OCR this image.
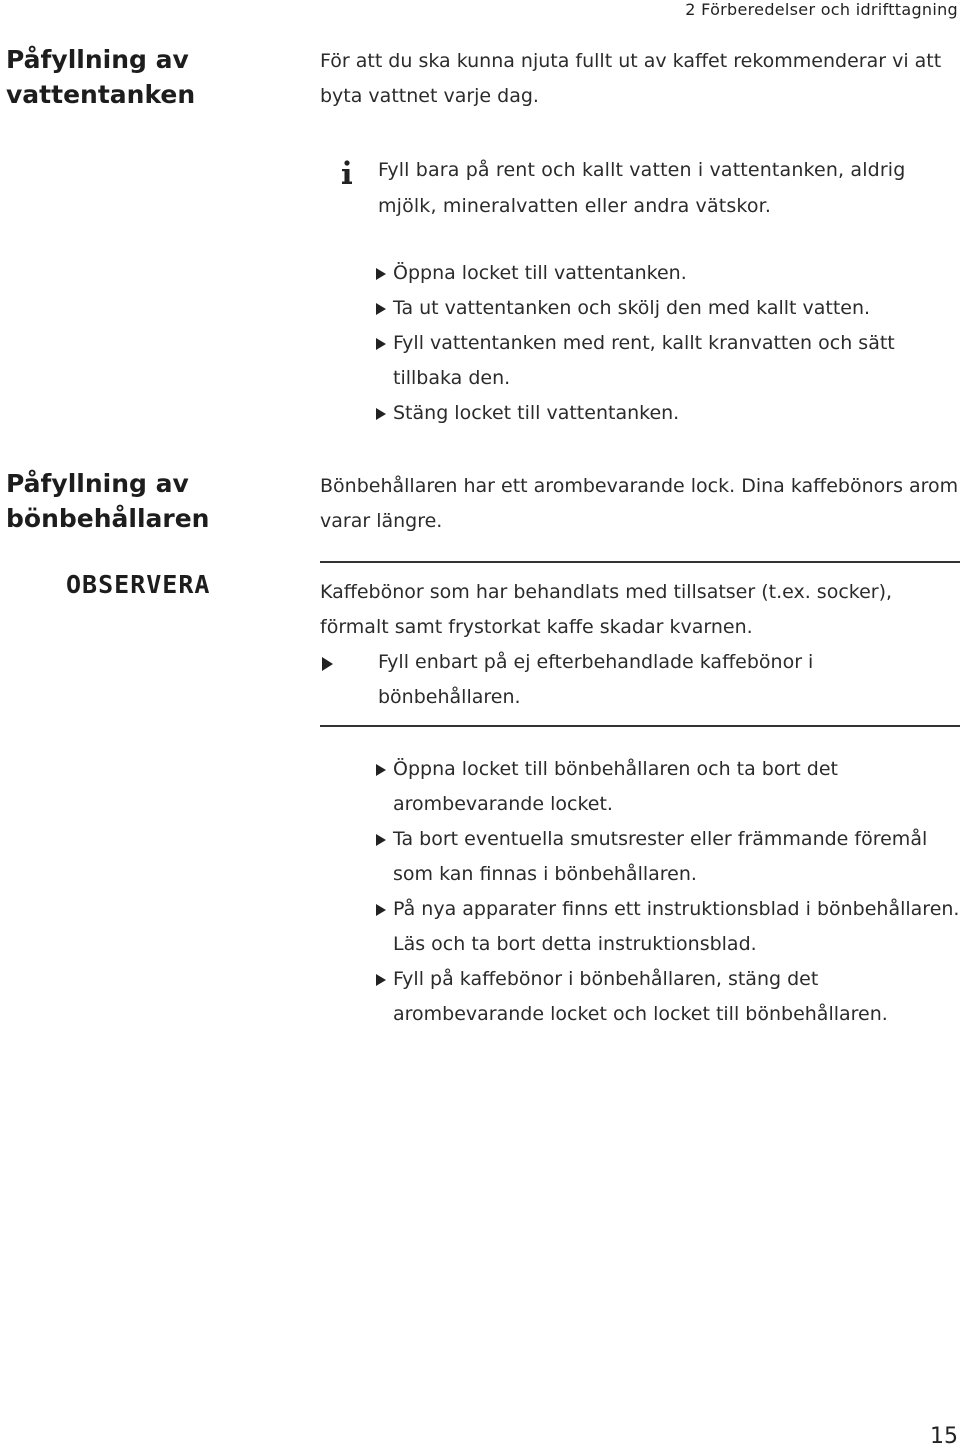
2 Förberedelser och idrifttagning
Påfyllning av vattentanken
För att du ska kunna njuta fullt ut av kaffet rekommenderar vi att byta vattnet varje dag.
Fyll bara på rent och kallt vatten i vattentanken, aldrig mjölk, mineralvatten eller andra vätskor.
Öppna locket till vattentanken.
Ta ut vattentanken och skölj den med kallt vatten.
Fyll vattentanken med rent, kallt kranvatten och sätt tillbaka den.
Stäng locket till vattentanken.
Påfyllning av bönbehållaren
Bönbehållaren har ett arombevarande lock. Dina kaffebönors arom varar längre.
OBSERVERA	Kaffebönor som har behandlats med tillsatser (t.ex. socker), förmalt samt frystorkat kaffe skadar kvarnen.
Fyll enbart på ej efterbehandlade kaffebönor i bönbehållaren.
Öppna locket till bönbehållaren och ta bort det arombevarande locket.
Ta bort eventuella smutsrester eller främmande föremål som kan finnas i bönbehållaren.
På nya apparater finns ett instruktionsblad i bönbehållaren. Läs och ta bort detta instruktionsblad.
Fyll på kaffebönor i bönbehållaren, stäng det arombevarande locket och locket till bönbehållaren.
15
